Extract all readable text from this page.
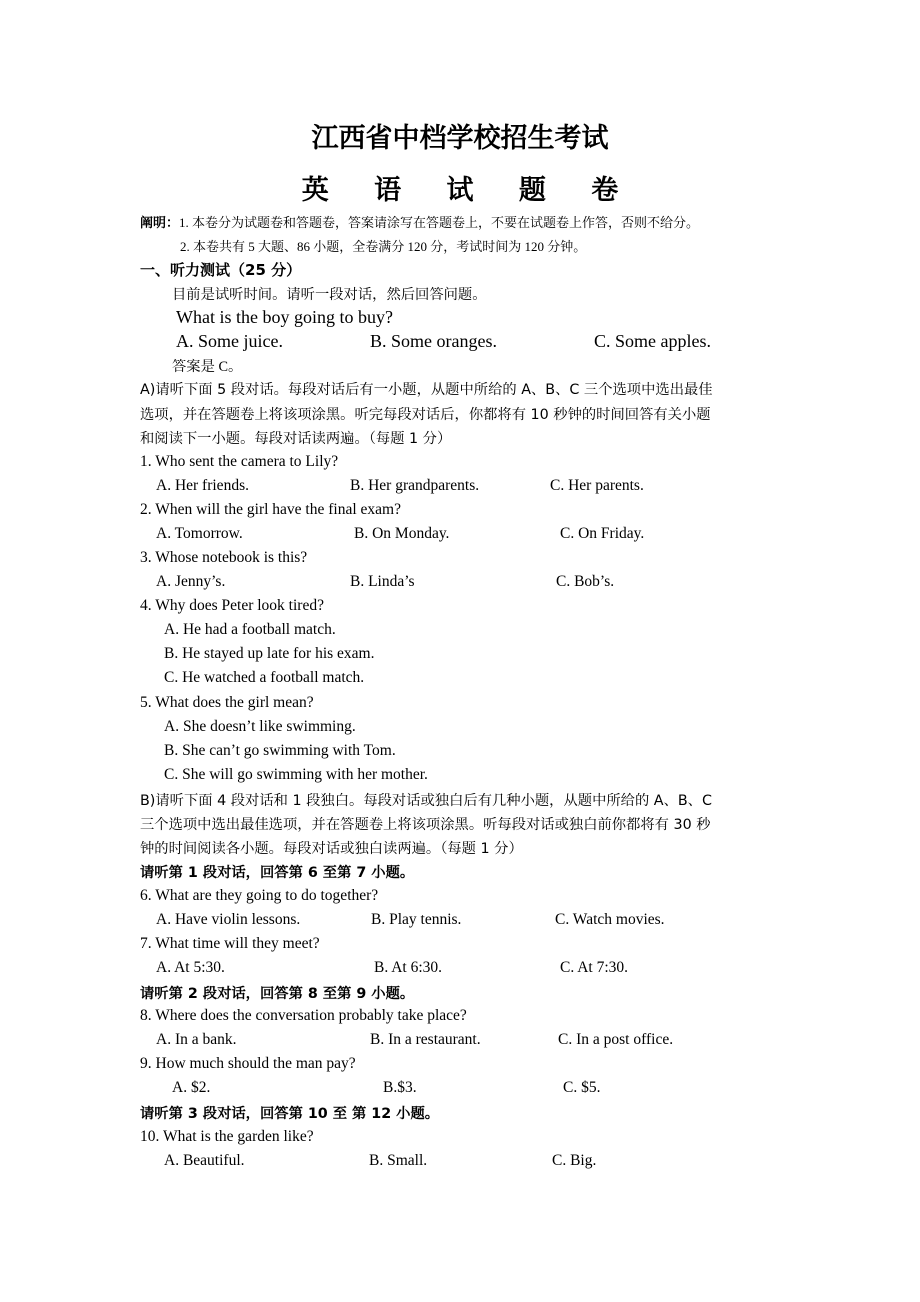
江西省中档学校招生考试
英 语 试 题 卷
阐明：1. 本卷分为试题卷和答题卷，答案请涂写在答题卷上，不要在试题卷上作答，否则不给分。
2. 本卷共有 5 大题、86 小题，全卷满分 120 分，考试时间为 120 分钟。
一、听力测试（25 分）
目前是试听时间。请听一段对话，然后回答问题。
What is the boy going to buy?
A. Some juice.	B. Some oranges.	C. Some apples.
答案是 C。
A)请听下面 5 段对话。每段对话后有一小题，从题中所给的 A、B、C 三个选项中选出最佳
选项，并在答题卷上将该项涂黑。听完每段对话后，你都将有 10 秒钟的时间回答有关小题
和阅读下一小题。每段对话读两遍。（每题 1 分）
1. Who sent the camera to Lily?
A. Her friends.	B. Her grandparents.	C. Her parents.
2. When will the girl have the final exam?
A. Tomorrow.	B. On Monday.	C. On Friday.
3. Whose notebook is this?
A. Jenny’s.	B. Linda’s	C. Bob’s.
4. Why does Peter look tired?
A. He had a football match.
B. He stayed up late for his exam.
C. He watched a football match.
5. What does the girl mean?
A. She doesn’t like swimming.
B. She can’t go swimming with Tom.
C. She will go swimming with her mother.
B)请听下面 4 段对话和 1 段独白。每段对话或独白后有几种小题，从题中所给的 A、B、C
三个选项中选出最佳选项，并在答题卷上将该项涂黑。听每段对话或独白前你都将有 30 秒
钟的时间阅读各小题。每段对话或独白读两遍。（每题 1 分）
请听第 1 段对话，回答第 6 至第 7 小题。
6. What are they going to do together?
A. Have violin lessons.	B. Play tennis.	C. Watch movies.
7. What time will they meet?
A. At 5:30.	B. At 6:30.	C. At 7:30.
请听第 2 段对话，回答第 8 至第 9 小题。
8. Where does the conversation probably take place?
A. In a bank.	B. In a restaurant.	C. In a post office.
9. How much should the man pay?
A. $2.	B.$3.	C. $5.
请听第 3 段对话，回答第 10 至 第 12 小题。
10. What is the garden like?
A. Beautiful.	B. Small.	C. Big.
